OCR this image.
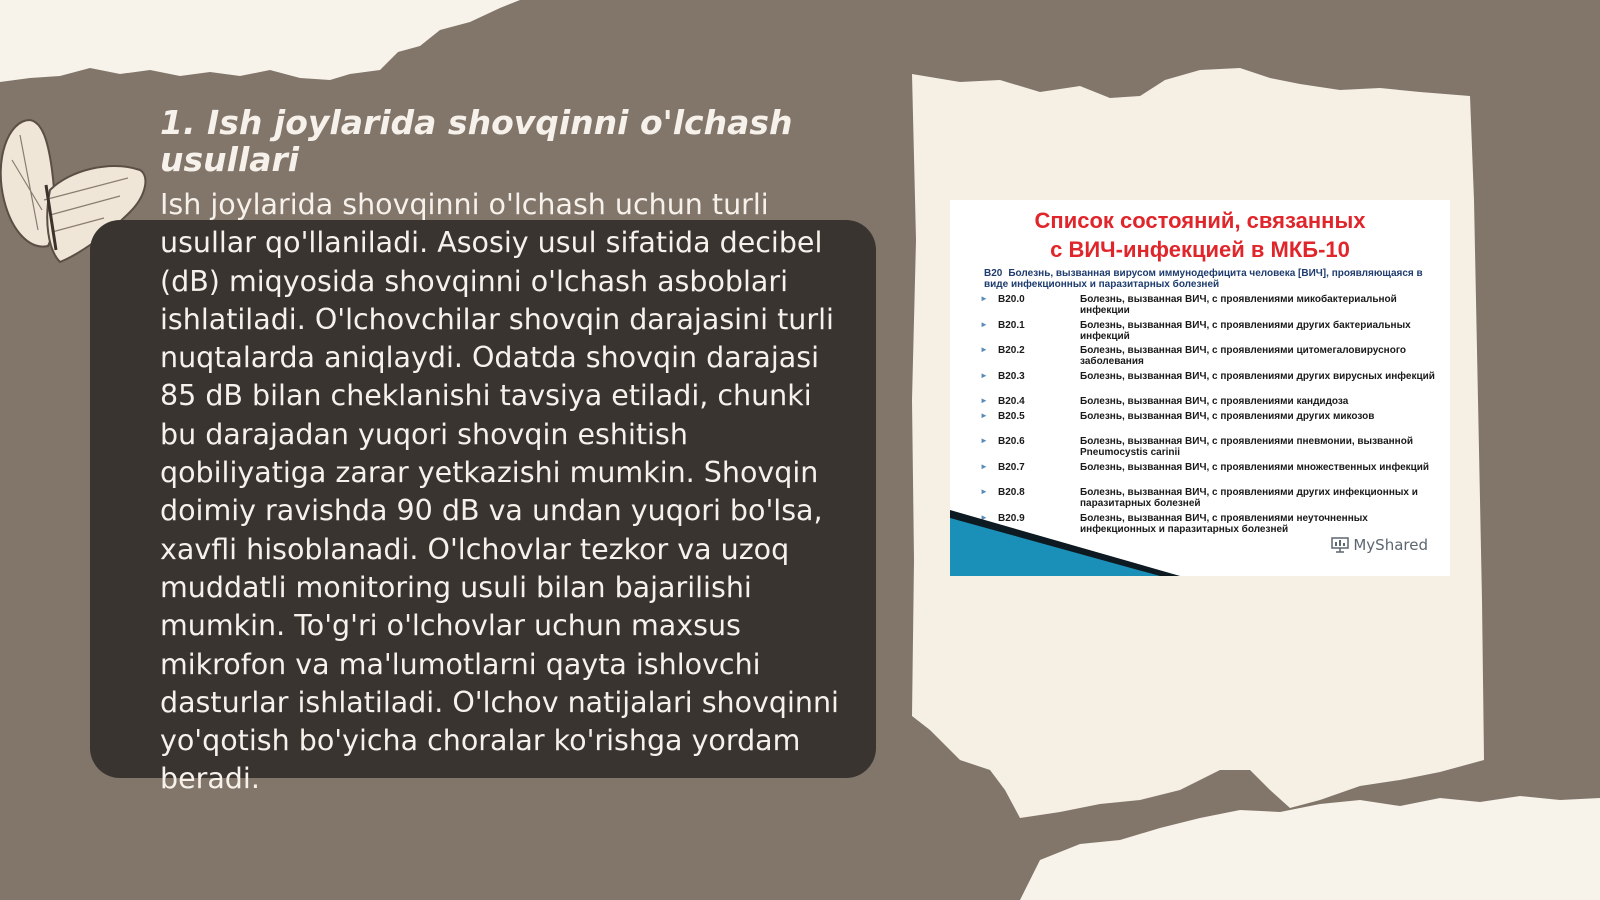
1. Ish joylarida shovqinni o'lchash usullari

Ish joylarida shovqinni o'lchash uchun turli usullar qo'llaniladi. Asosiy usul sifatida decibel (dB) miqyosida shovqinni o'lchash asboblari ishlatiladi. O'lchovchilar shovqin darajasini turli nuqtalarda aniqlaydi. Odatda shovqin darajasi 85 dB bilan cheklanishi tavsiya etiladi, chunki bu darajadan yuqori shovqin eshitish qobiliyatiga zarar yetkazishi mumkin. Shovqin doimiy ravishda 90 dB va undan yuqori bo'lsa, xavfli hisoblanadi. O'lchovlar tezkor va uzoq muddatli monitoring usuli bilan bajarilishi mumkin. To'g'ri o'lchovlar uchun maxsus mikrofon va ma'lumotlarni qayta ishlovchi dasturlar ishlatiladi. O'lchov natijalari shovqinni yo'qotish bo'yicha choralar ko'rishga yordam beradi.

Список состояний, связанных
с ВИЧ-инфекцией в МКБ-10
B20 Болезнь, вызванная вирусом иммунодефицита человека [ВИЧ], проявляющаяся в виде инфекционных и паразитарных болезней
► B20.0	Болезнь, вызванная ВИЧ, с проявлениями микобактериальной инфекции
► B20.1	Болезнь, вызванная ВИЧ, с проявлениями других бактериальных инфекций
► B20.2	Болезнь, вызванная ВИЧ, с проявлениями цитомегаловирусного заболевания
► B20.3	Болезнь, вызванная ВИЧ, с проявлениями других вирусных инфекций
► B20.4	Болезнь, вызванная ВИЧ, с проявлениями кандидоза
► B20.5	Болезнь, вызванная ВИЧ, с проявлениями других микозов
► B20.6	Болезнь, вызванная ВИЧ, с проявлениями пневмонии, вызванной Pneumocystis carinii
► B20.7	Болезнь, вызванная ВИЧ, с проявлениями множественных инфекций
► B20.8	Болезнь, вызванная ВИЧ, с проявлениями других инфекционных и паразитарных болезней
► B20.9	Болезнь, вызванная ВИЧ, с проявлениями неуточненных инфекционных и паразитарных болезней
MyShared
